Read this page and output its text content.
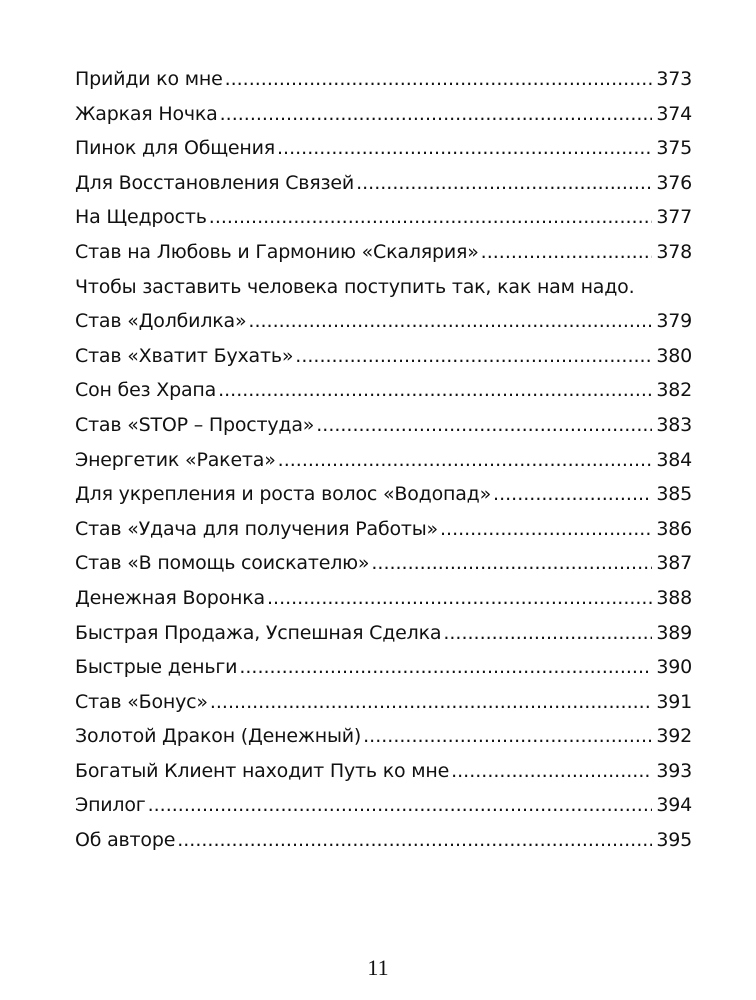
Прийди ко мне .....	373
Жаркая Ночка .....	374
Пинок для Общения .....	375
Для Восстановления Связей .....	376
На Щедрость .....	377
Став на Любовь и Гармонию «Скалярия» .....	378
Чтобы заставить человека поступить так, как нам надо.
Став «Долбилка» .....	379
Став «Хватит Бухать» .....	380
Сон без Храпа .....	382
Став «STOP – Простуда» .....	383
Энергетик «Ракета» .....	384
Для укрепления и роста волос «Водопад» .....	385
Став «Удача для получения Работы» .....	386
Став «В помощь соискателю» .....	387
Денежная Воронка .....	388
Быстрая Продажа, Успешная Сделка .....	389
Быстрые деньги .....	390
Став «Бонус» .....	391
Золотой Дракон (Денежный) .....	392
Богатый Клиент находит Путь ко мне .....	393
Эпилог .....	394
Об авторе .....	395
11
